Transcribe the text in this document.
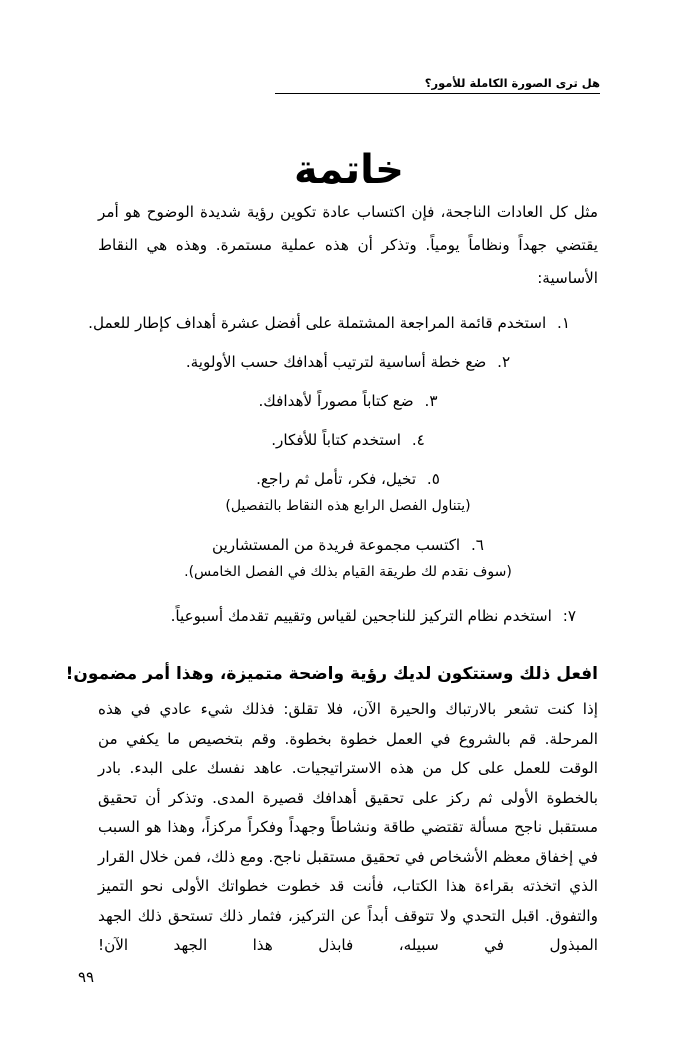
هل ترى الصورة الكاملة للأمور؟
خاتمة

مثل كل العادات الناجحة، فإن اكتساب عادة تكوين رؤية شديدة الوضوح هو أمر يقتضي جهداً ونظاماً يومياً. وتذكر أن هذه عملية مستمرة. وهذه هي النقاط الأساسية:

١. استخدم قائمة المراجعة المشتملة على أفضل عشرة أهداف كإطار للعمل.
٢. ضع خطة أساسية لترتيب أهدافك حسب الأولوية.
٣. ضع كتاباً مصوراً لأهدافك.
٤. استخدم كتاباً للأفكار.
٥. تخيل، فكر، تأمل ثم راجع.
(يتناول الفصل الرابع هذه النقاط بالتفصيل)
٦. اكتسب مجموعة فريدة من المستشارين
(سوف نقدم لك طريقة القيام بذلك في الفصل الخامس).
٧: استخدم نظام التركيز للناجحين لقياس وتقييم تقدمك أسبوعياً.
افعل ذلك وستتكون لديك رؤية واضحة متميزة، وهذا أمر مضمون!

إذا كنت تشعر بالارتباك والحيرة الآن، فلا تقلق: فذلك شيء عادي في هذه المرحلة. قم بالشروع في العمل خطوة بخطوة. وقم بتخصيص ما يكفي من الوقت للعمل على كل من هذه الاستراتيجيات. عاهد نفسك على البدء. بادر بالخطوة الأولى ثم ركز على تحقيق أهدافك قصيرة المدى. وتذكر أن تحقيق مستقبل ناجح مسألة تقتضي طاقة ونشاطاً وجهداً وفكراً مركزاً، وهذا هو السبب في إخفاق معظم الأشخاص في تحقيق مستقبل ناجح. ومع ذلك، فمن خلال القرار الذي اتخذته بقراءة هذا الكتاب، فأنت قد خطوت خطواتك الأولى نحو التميز والتفوق. اقبل التحدي ولا تتوقف أبداً عن التركيز، فثمار ذلك تستحق ذلك الجهد المبذول في سبيله، فابذل هذا الجهد الآن!

٩٩
